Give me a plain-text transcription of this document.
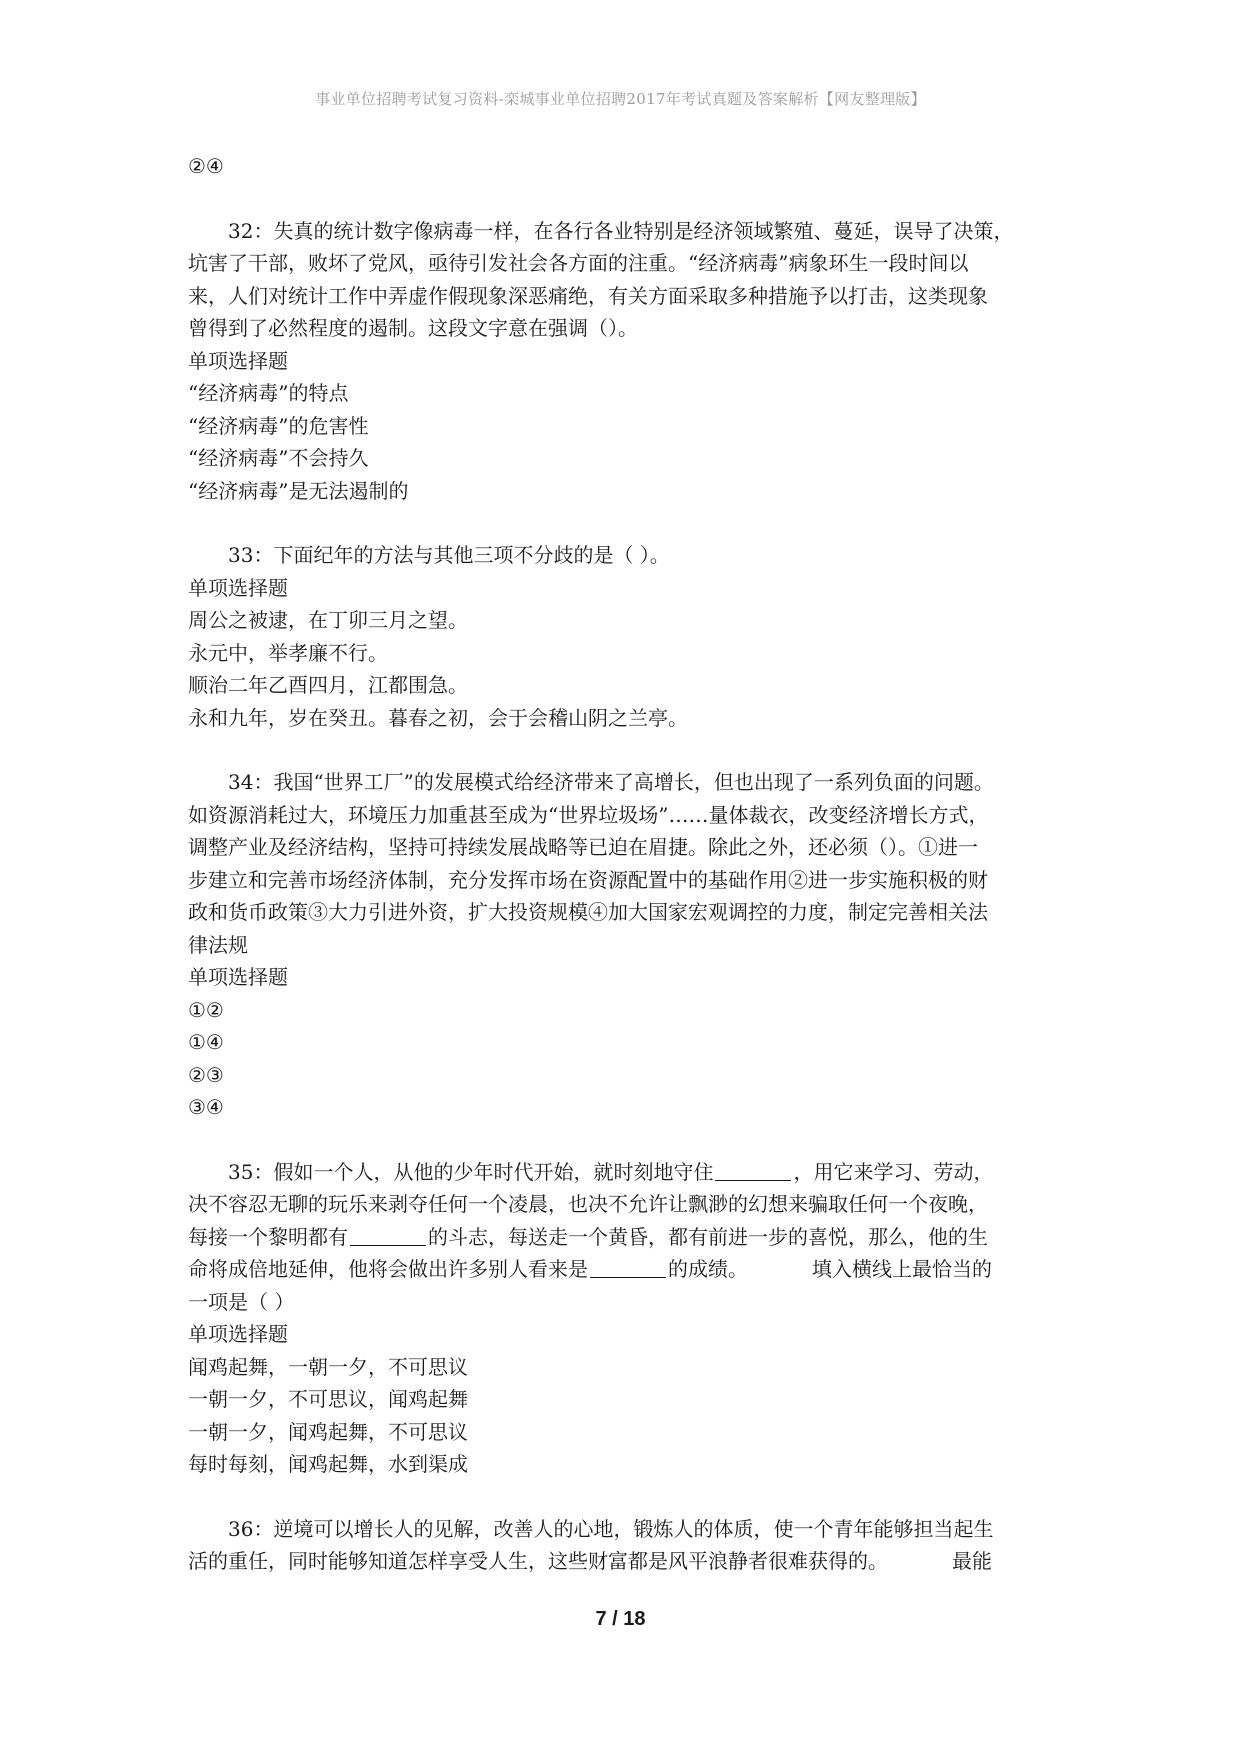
事业单位招聘考试复习资料-栾城事业单位招聘2017年考试真题及答案解析【网友整理版】
②④
32：失真的统计数字像病毒一样，在各行各业特别是经济领域繁殖、蔓延，误导了决策，
坑害了干部，败坏了党风，亟待引发社会各方面的注重。“经济病毒”病象环生一段时间以
来，人们对统计工作中弄虚作假现象深恶痛绝，有关方面采取多种措施予以打击，这类现象
曾得到了必然程度的遏制。这段文字意在强调（）。
单项选择题
“经济病毒”的特点
“经济病毒”的危害性
“经济病毒”不会持久
“经济病毒”是无法遏制的
33：下面纪年的方法与其他三项不分歧的是（ ）。
单项选择题
周公之被逮，在丁卯三月之望。
永元中，举孝廉不行。
顺治二年乙酉四月，江都围急。
永和九年，岁在癸丑。暮春之初，会于会稽山阴之兰亭。
34：我国“世界工厂”的发展模式给经济带来了高增长，但也出现了一系列负面的问题。
如资源消耗过大，环境压力加重甚至成为“世界垃圾场”……量体裁衣，改变经济增长方式，
调整产业及经济结构，坚持可持续发展战略等已迫在眉捷。除此之外，还必须（）。①进一
步建立和完善市场经济体制，充分发挥市场在资源配置中的基础作用②进一步实施积极的财
政和货币政策③大力引进外资，扩大投资规模④加大国家宏观调控的力度，制定完善相关法
律法规
单项选择题
①②
①④
②③
③④
35：假如一个人，从他的少年时代开始，就时刻地守住	，用它来学习、劳动，
决不容忍无聊的玩乐来剥夺任何一个凌晨，也决不允许让飘渺的幻想来骗取任何一个夜晚，
每接一个黎明都有	的斗志，每送走一个黄昏，都有前进一步的喜悦，那么，他的生
命将成倍地延伸，他将会做出许多别人看来是	的成绩。	填入横线上最恰当的
一项是（ ）
单项选择题
闻鸡起舞，一朝一夕，不可思议
一朝一夕，不可思议，闻鸡起舞
一朝一夕，闻鸡起舞，不可思议
每时每刻，闻鸡起舞，水到渠成
36：逆境可以增长人的见解，改善人的心地，锻炼人的体质，使一个青年能够担当起生
活的重任，同时能够知道怎样享受人生，这些财富都是风平浪静者很难获得的。	最能
7 / 18
